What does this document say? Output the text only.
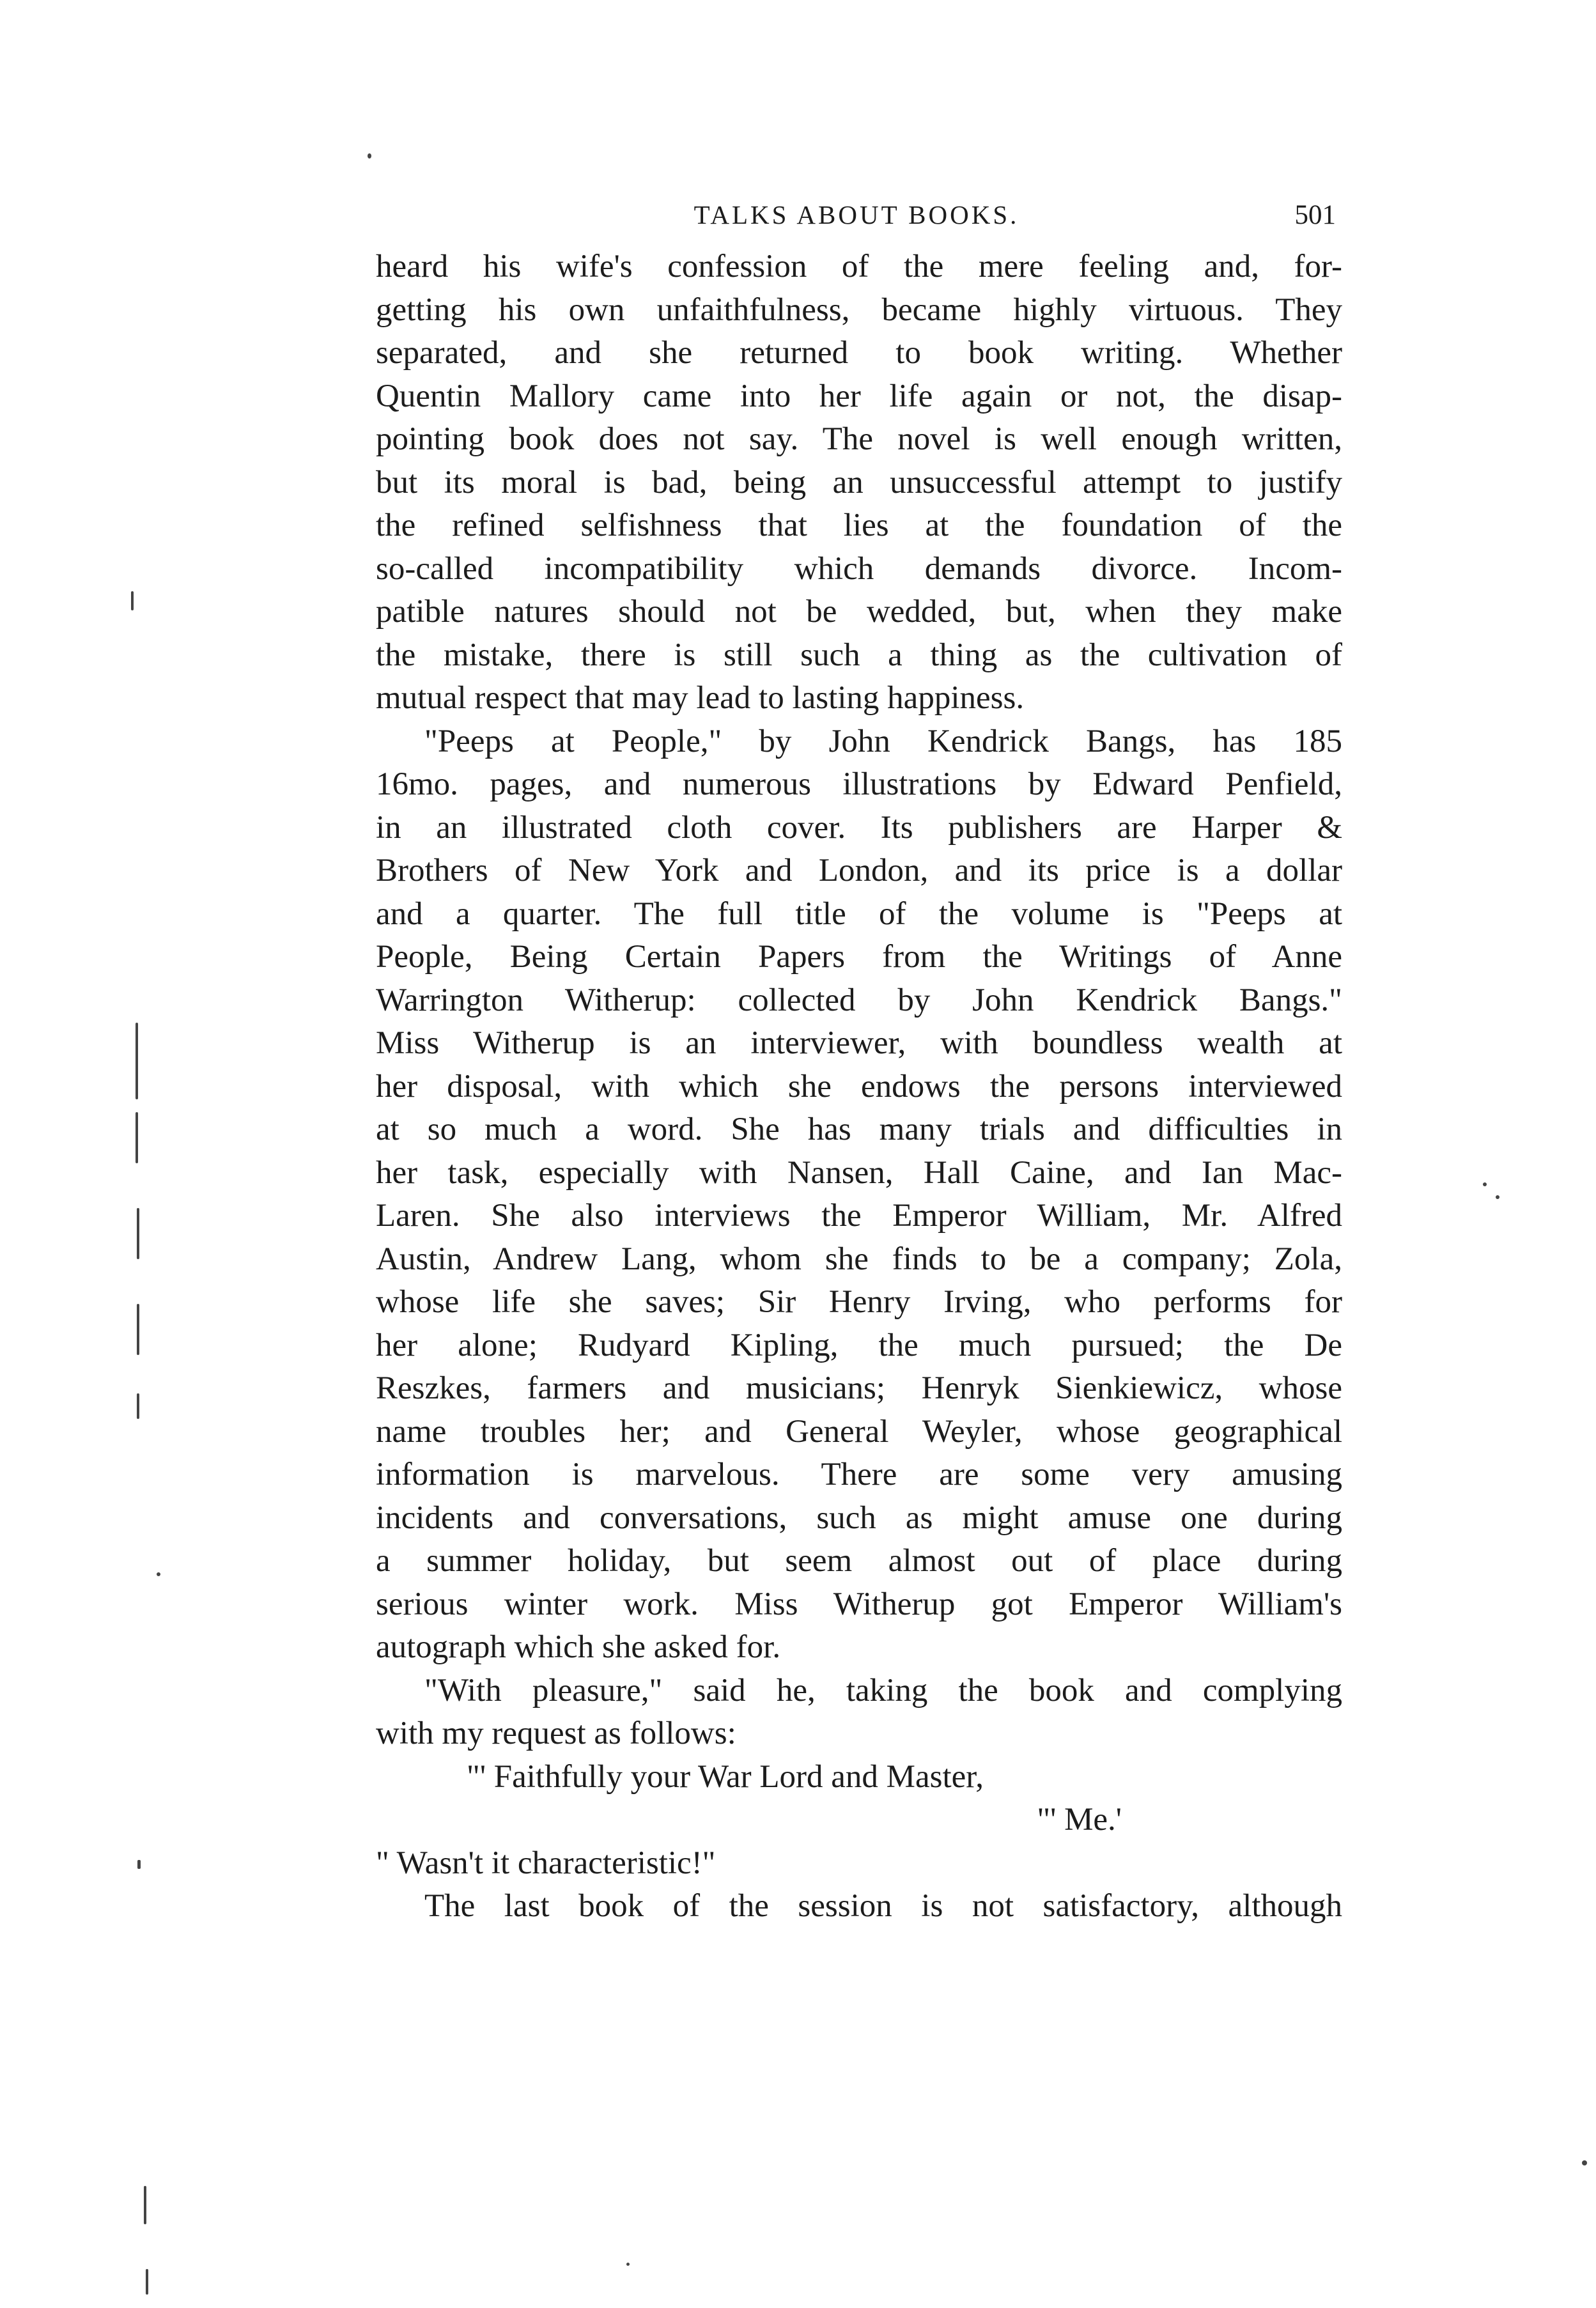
TALKS ABOUT BOOKS.	501
heard his wife's confession of the mere feeling and, for-
getting his own unfaithfulness, became highly virtuous. They
separated, and she returned to book writing. Whether
Quentin Mallory came into her life again or not, the disap-
pointing book does not say. The novel is well enough written,
but its moral is bad, being an unsuccessful attempt to justify
the refined selfishness that lies at the foundation of the
so-called incompatibility which demands divorce. Incom-
patible natures should not be wedded, but, when they make
the mistake, there is still such a thing as the cultivation of
mutual respect that may lead to lasting happiness.
"Peeps at People," by John Kendrick Bangs, has 185
16mo. pages, and numerous illustrations by Edward Penfield,
in an illustrated cloth cover. Its publishers are Harper &
Brothers of New York and London, and its price is a dollar
and a quarter. The full title of the volume is "Peeps at
People, Being Certain Papers from the Writings of Anne
Warrington Witherup: collected by John Kendrick Bangs."
Miss Witherup is an interviewer, with boundless wealth at
her disposal, with which she endows the persons interviewed
at so much a word. She has many trials and difficulties in
her task, especially with Nansen, Hall Caine, and Ian Mac-
Laren. She also interviews the Emperor William, Mr. Alfred
Austin, Andrew Lang, whom she finds to be a company; Zola,
whose life she saves; Sir Henry Irving, who performs for
her alone; Rudyard Kipling, the much pursued; the De
Reszkes, farmers and musicians; Henryk Sienkiewicz, whose
name troubles her; and General Weyler, whose geographical
information is marvelous. There are some very amusing
incidents and conversations, such as might amuse one during
a summer holiday, but seem almost out of place during
serious winter work. Miss Witherup got Emperor William's
autograph which she asked for.
"With pleasure," said he, taking the book and complying
with my request as follows:
"' Faithfully your War Lord and Master,
"' Me.'
" Wasn't it characteristic!"
The last book of the session is not satisfactory, although
